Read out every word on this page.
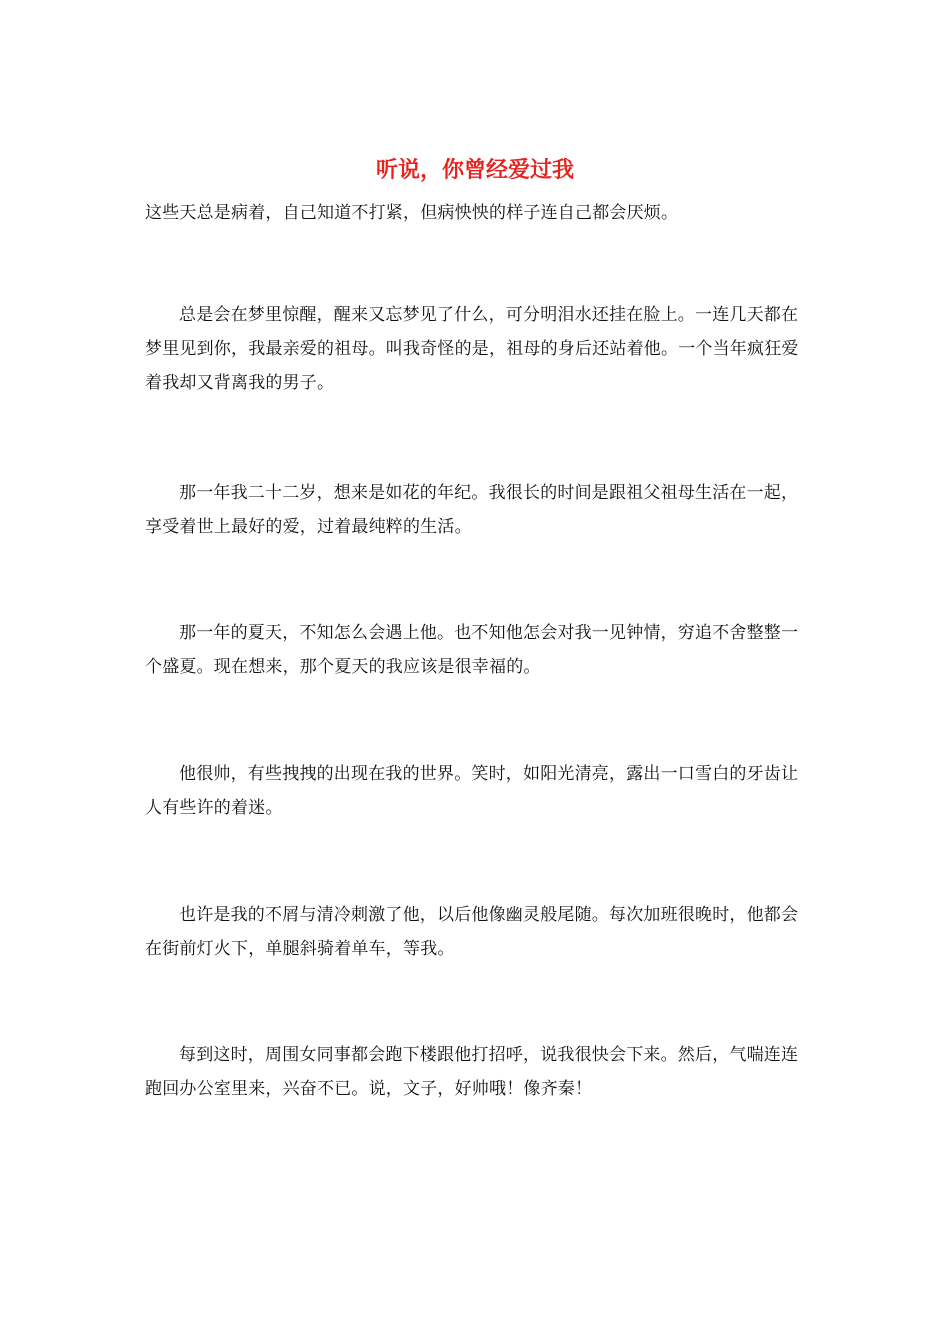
听说，你曾经爱过我

这些天总是病着，自己知道不打紧，但病怏怏的样子连自己都会厌烦。

总是会在梦里惊醒，醒来又忘梦见了什么，可分明泪水还挂在脸上。一连几天都在梦里见到你，我最亲爱的祖母。叫我奇怪的是，祖母的身后还站着他。一个当年疯狂爱着我却又背离我的男子。

那一年我二十二岁，想来是如花的年纪。我很长的时间是跟祖父祖母生活在一起，享受着世上最好的爱，过着最纯粹的生活。

那一年的夏天，不知怎么会遇上他。也不知他怎会对我一见钟情，穷追不舍整整一个盛夏。现在想来，那个夏天的我应该是很幸福的。

他很帅，有些拽拽的出现在我的世界。笑时，如阳光清亮，露出一口雪白的牙齿让人有些许的着迷。

也许是我的不屑与清冷刺激了他，以后他像幽灵般尾随。每次加班很晚时，他都会在街前灯火下，单腿斜骑着单车，等我。

每到这时，周围女同事都会跑下楼跟他打招呼，说我很快会下来。然后，气喘连连跑回办公室里来，兴奋不已。说，文子，好帅哦！像齐秦！
